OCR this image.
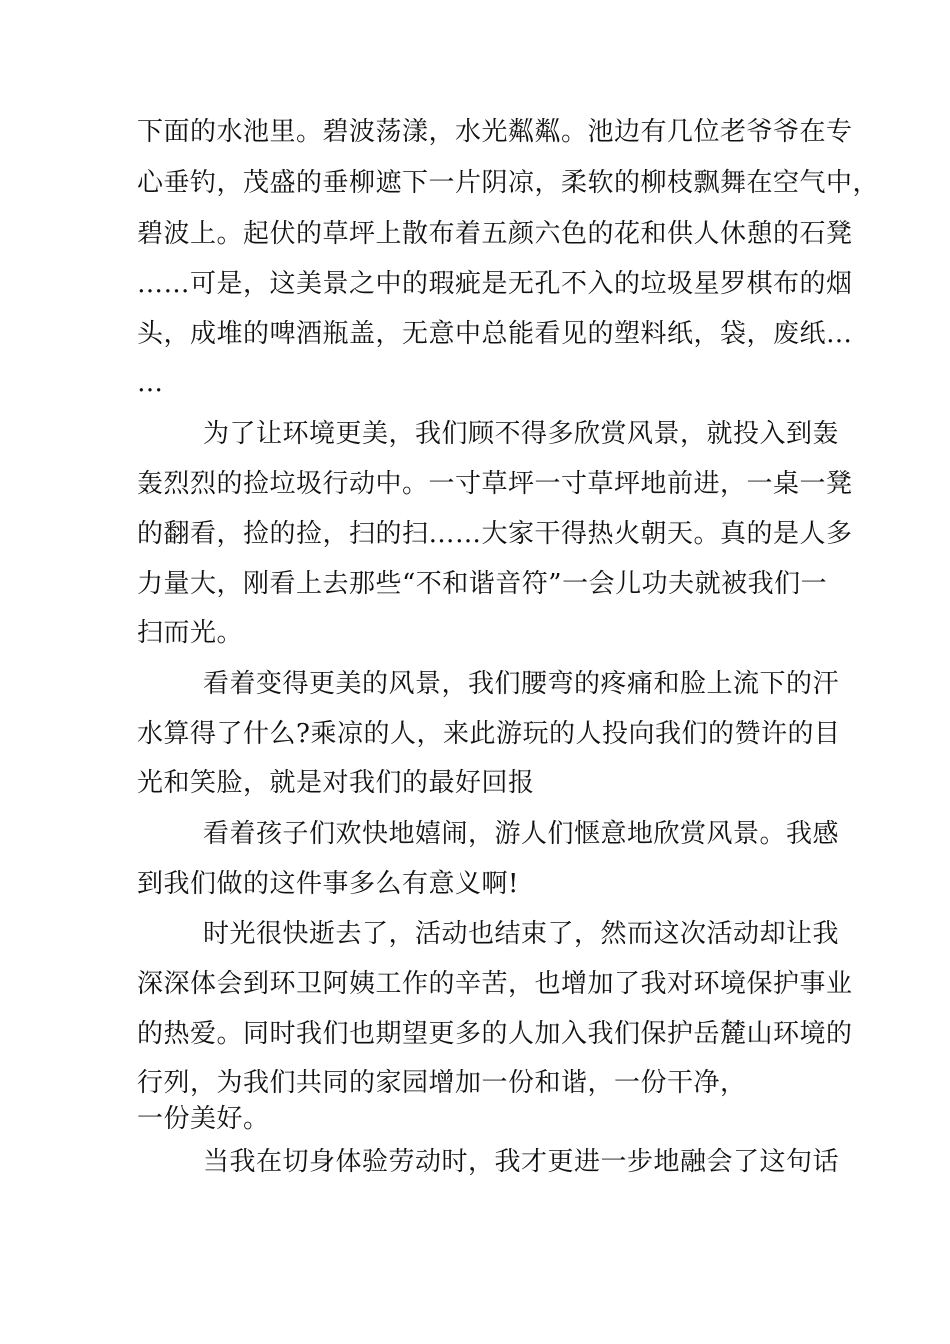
下面的水池里。碧波荡漾，水光粼粼。池边有几位老爷爷在专
心垂钓，茂盛的垂柳遮下一片阴凉，柔软的柳枝飘舞在空气中，
碧波上。起伏的草坪上散布着五颜六色的花和供人休憩的石凳
……可是，这美景之中的瑕疵是无孔不入的垃圾星罗棋布的烟
头，成堆的啤酒瓶盖，无意中总能看见的塑料纸，袋，废纸…
…
为了让环境更美，我们顾不得多欣赏风景，就投入到轰
轰烈烈的捡垃圾行动中。一寸草坪一寸草坪地前进，一桌一凳
的翻看，捡的捡，扫的扫……大家干得热火朝天。真的是人多
力量大，刚看上去那些“不和谐音符”一会儿功夫就被我们一
扫而光。
看着变得更美的风景，我们腰弯的疼痛和脸上流下的汗
水算得了什么?乘凉的人，来此游玩的人投向我们的赞许的目
光和笑脸，就是对我们的最好回报
看着孩子们欢快地嬉闹，游人们惬意地欣赏风景。我感
到我们做的这件事多么有意义啊!
时光很快逝去了，活动也结束了，然而这次活动却让我
深深体会到环卫阿姨工作的辛苦，也增加了我对环境保护事业
的热爱。同时我们也期望更多的人加入我们保护岳麓山环境的
行列，为我们共同的家园增加一份和谐，一份干净，
一份美好。
当我在切身体验劳动时，我才更进一步地融会了这句话
